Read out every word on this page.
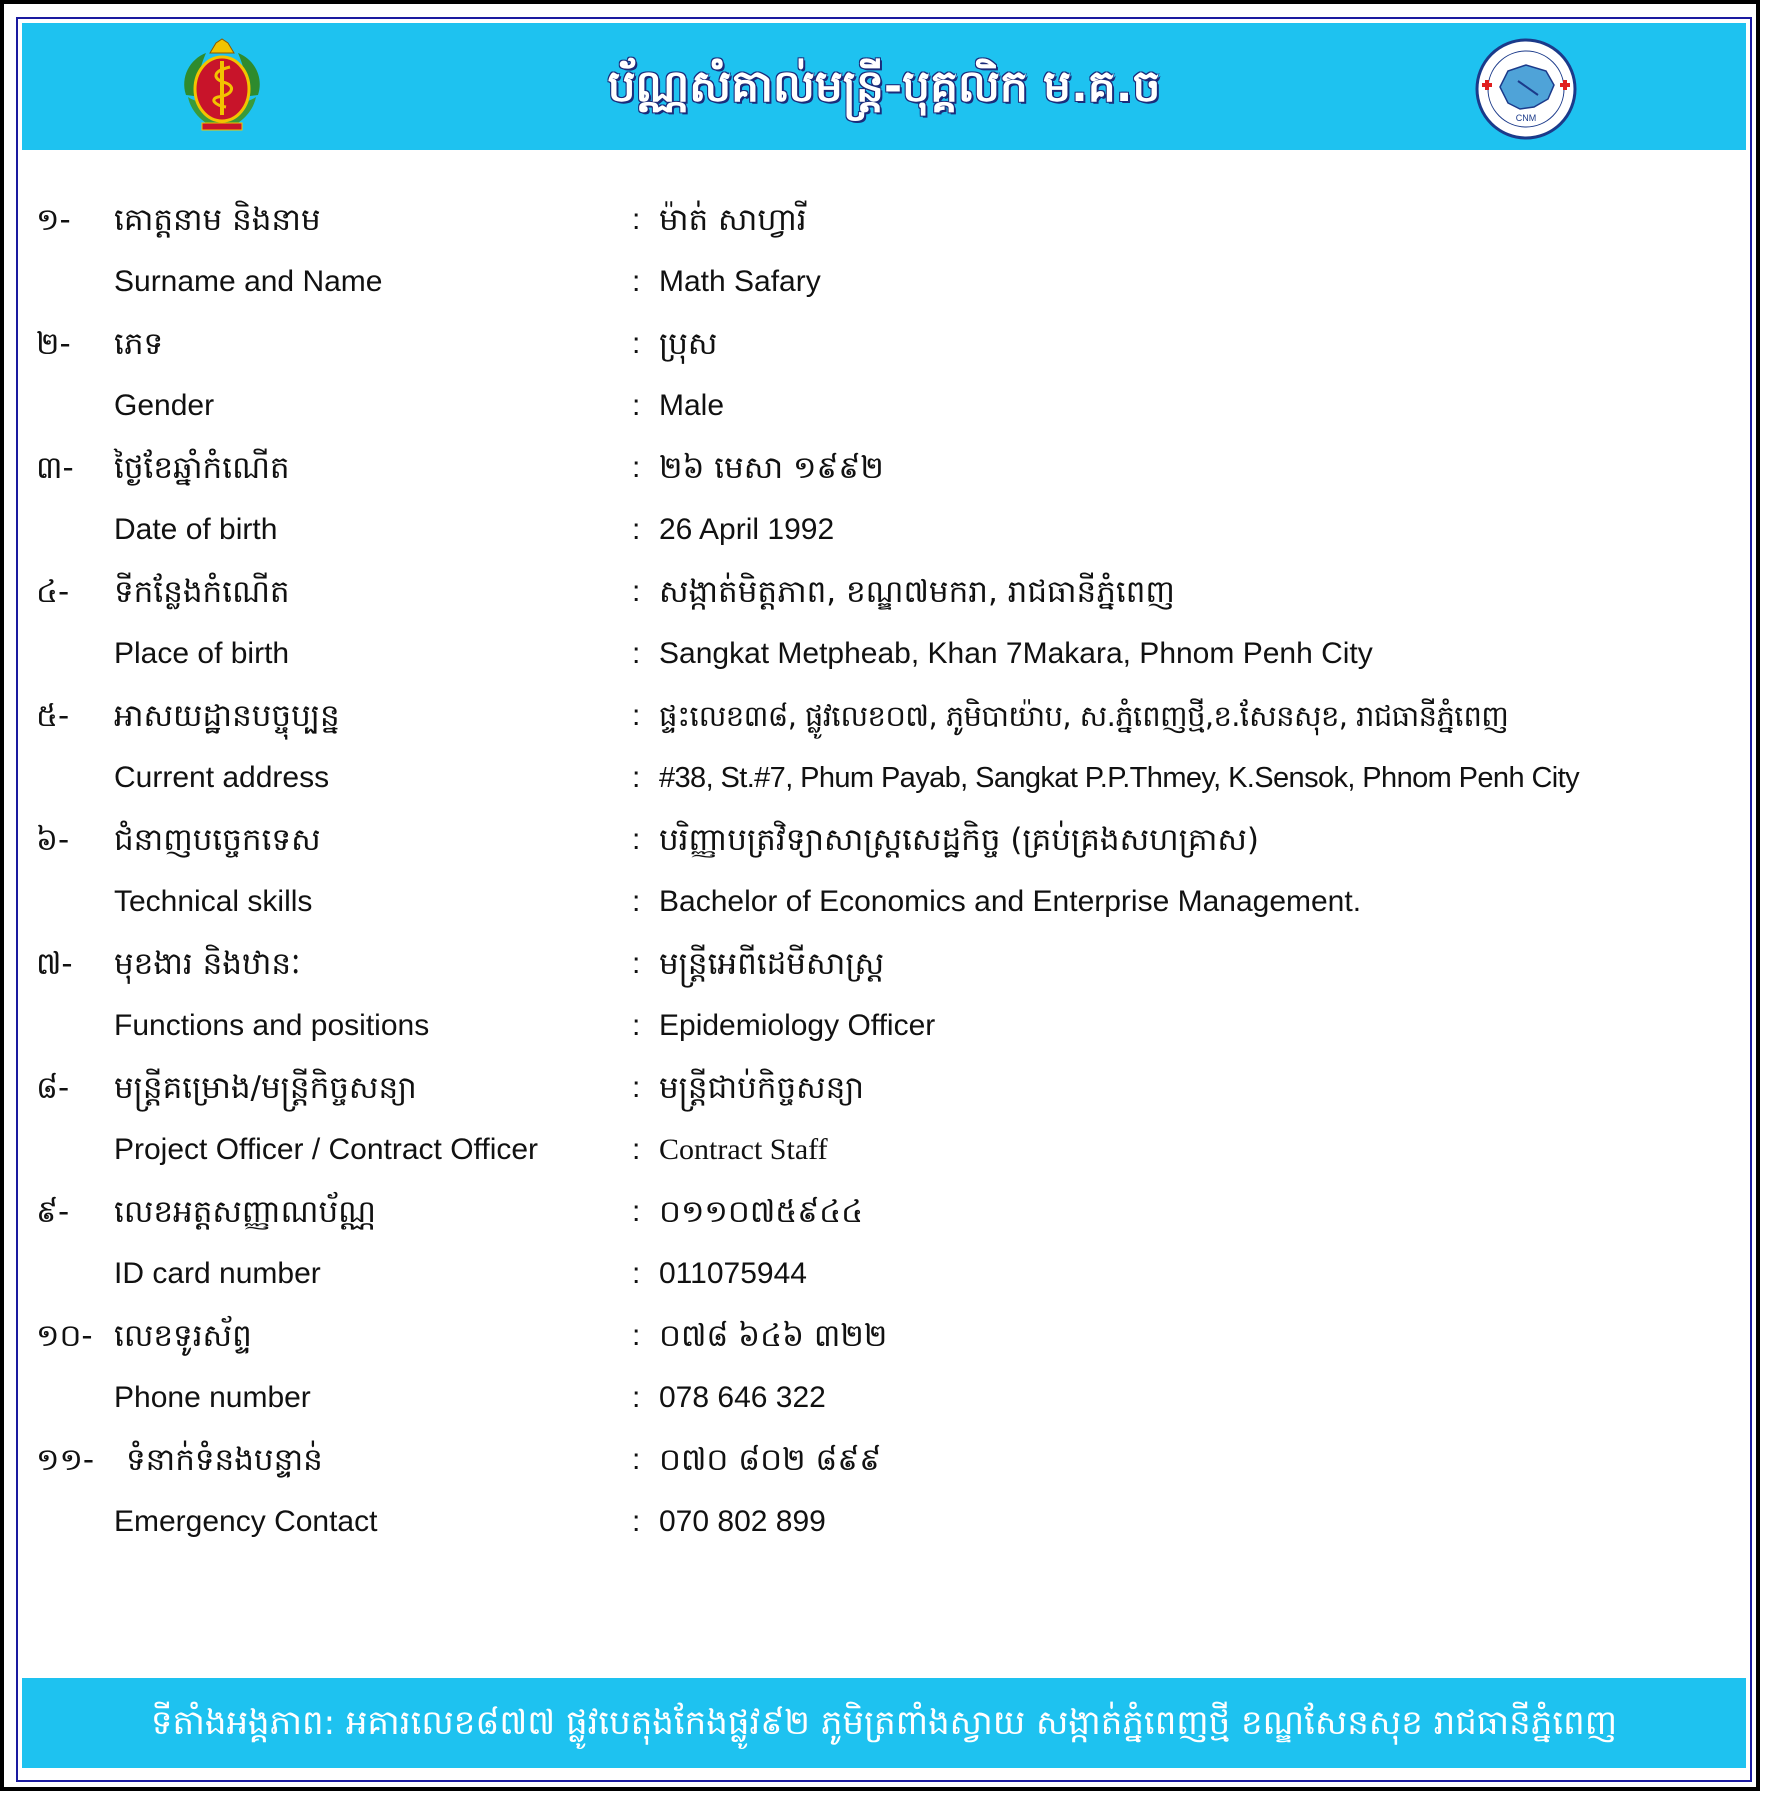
ប័ណ្ណសំគាល់មន្ត្រី-បុគ្គលិក ម.គ.ច
CNM
១- គោត្តនាម និងនាម
Surname and Name
:
:
ម៉ាត់ សាហ្វារី
Math Safary
២- ភេទ
Gender
:
:
ប្រុស
Male
៣- ថ្ងៃខែឆ្នាំកំណើត
Date of birth
:
:
២៦ មេសា ១៩៩២
26 April 1992
៤- ទីកន្លែងកំណើត
Place of birth
:
:
សង្កាត់មិត្តភាព, ខណ្ឌ៧មករា, រាជធានីភ្នំពេញ
Sangkat Metpheab, Khan 7Makara, Phnom Penh City
៥- អាសយដ្ឋានបច្ចុប្បន្ន
Current address
:
:
ផ្ទះលេខ៣៨, ផ្លូវលេខ០៧, ភូមិបាយ៉ាប, ស.ភ្នំពេញថ្មី,ខ.សែនសុខ, រាជធានីភ្នំពេញ
#38, St.#7, Phum Payab, Sangkat P.P.Thmey, K.Sensok, Phnom Penh City
៦- ជំនាញបច្ចេកទេស
Technical skills
:
:
បរិញ្ញាបត្រវិទ្យាសាស្ត្រសេដ្ឋកិច្ច (គ្រប់គ្រងសហគ្រាស)
Bachelor of Economics and Enterprise Management.
៧- មុខងារ និងឋានៈ
Functions and positions
:
:
មន្ត្រីអេពីដេមីសាស្ត្រ
Epidemiology Officer
៨- មន្ត្រីគម្រោង/មន្ត្រីកិច្ចសន្យា
Project Officer / Contract Officer
:
:
មន្ត្រីជាប់កិច្ចសន្យា
Contract Staff
៩- លេខអត្តសញ្ញាណប័ណ្ណ
ID card number
:
:
០១១០៧៥៩៤៤
011075944
១០- លេខទូរស័ព្ទ
Phone number
:
:
០៧៨ ៦៤៦ ៣២២
078 646 322
១១- ទំនាក់ទំនងបន្ទាន់
Emergency Contact
:
:
០៧០ ៨០២ ៨៩៩
070 802 899
ទីតាំងអង្គភាព: អគារលេខ៨៧៧ ផ្លូវបេតុងកែងផ្លូវ៩២ ភូមិត្រពាំងស្វាយ សង្កាត់ភ្នំពេញថ្មី ខណ្ឌសែនសុខ រាជធានីភ្នំពេញ
